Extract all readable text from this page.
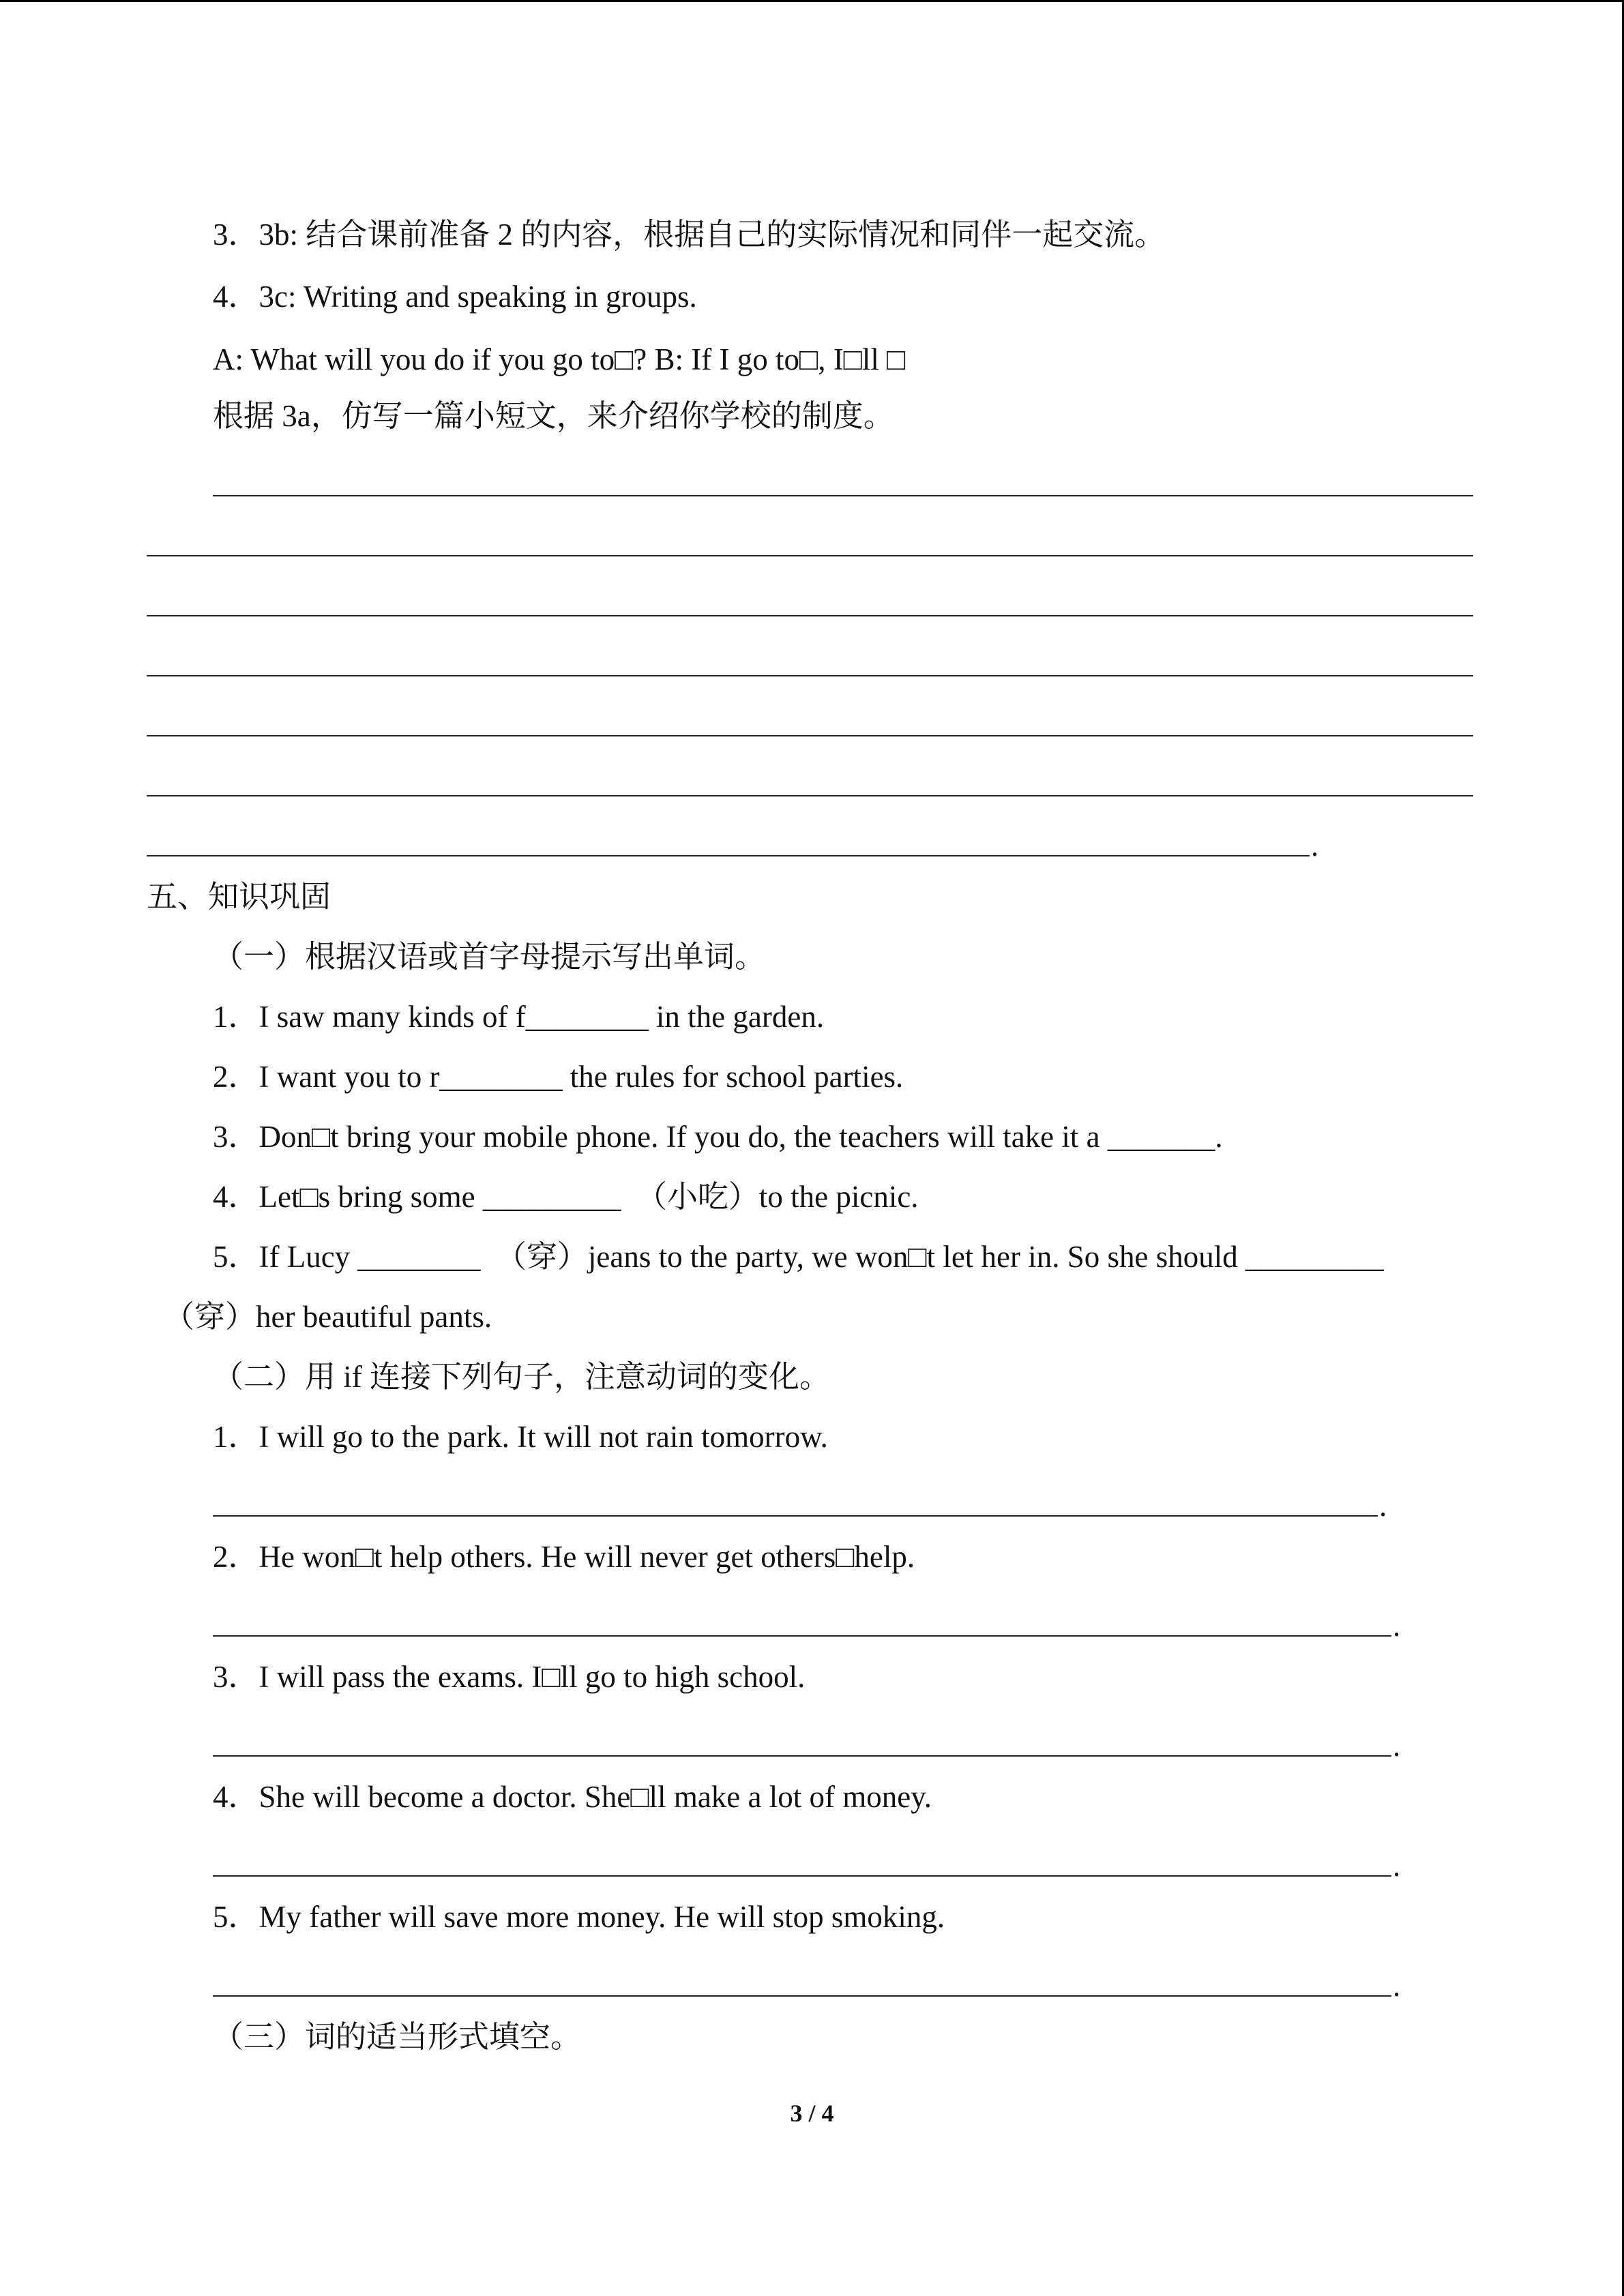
3．3b: 结合课前准备 2 的内容，根据自己的实际情况和同伴一起交流。
4．3c: Writing and speaking in groups.
A: What will you do if you go to□? B: If I go to□, I□ll □
根据 3a，仿写一篇小短文，来介绍你学校的制度。
.
五、知识巩固
（一）根据汉语或首字母提示写出单词。
1．I saw many kinds of f________ in the garden.
2．I want you to r________ the rules for school parties.
3．Don□t bring your mobile phone. If you do, the teachers will take it a _______.
4．Let□s bring some _________  （小吃）to the picnic.
5．If Lucy ________  （穿）jeans to the party, we won□t let her in. So she should _________
（穿）her beautiful pants.
（二）用 if 连接下列句子，注意动词的变化。
1．I will go to the park. It will not rain tomorrow.
.
2．He won□t help others. He will never get others□help.
.
3．I will pass the exams. I□ll go to high school.
.
4．She will become a doctor. She□ll make a lot of money.
.
5．My father will save more money. He will stop smoking.
.
（三）词的适当形式填空。
3 / 4
